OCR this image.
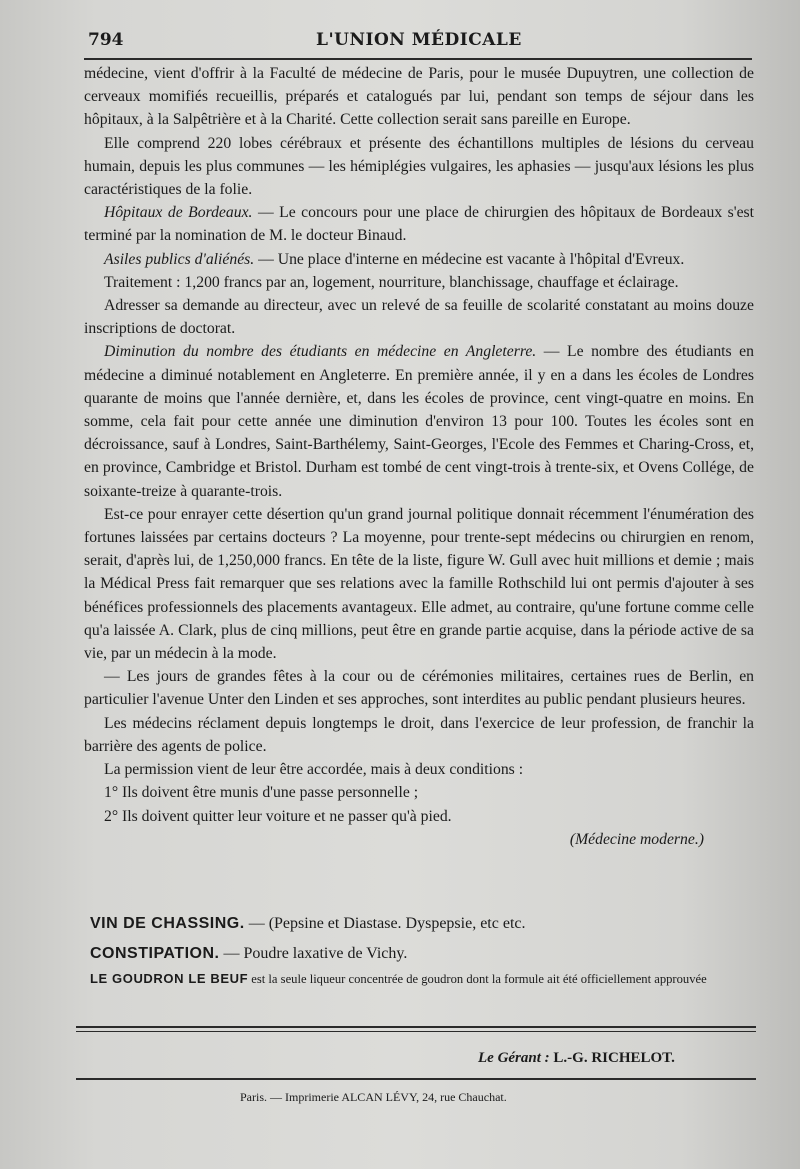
794	L'UNION MÉDICALE

médecine, vient d'offrir à la Faculté de médecine de Paris, pour le musée Dupuytren, une collection de cerveaux momifiés recueillis, préparés et catalogués par lui, pendant son temps de séjour dans les hôpitaux, à la Salpêtrière et à la Charité. Cette collection serait sans pareille en Europe.

Elle comprend 220 lobes cérébraux et présente des échantillons multiples de lésions du cerveau humain, depuis les plus communes — les hémiplégies vulgaires, les aphasies — jusqu'aux lésions les plus caractéristiques de la folie.

Hôpitaux de Bordeaux. — Le concours pour une place de chirurgien des hôpitaux de Bordeaux s'est terminé par la nomination de M. le docteur Binaud.

Asiles publics d'aliénés. — Une place d'interne en médecine est vacante à l'hôpital d'Evreux.

Traitement : 1,200 francs par an, logement, nourriture, blanchissage, chauffage et éclairage.

Adresser sa demande au directeur, avec un relevé de sa feuille de scolarité constatant au moins douze inscriptions de doctorat.

Diminution du nombre des étudiants en médecine en Angleterre. — Le nombre des étudiants en médecine a diminué notablement en Angleterre. En première année, il y en a dans les écoles de Londres quarante de moins que l'année dernière, et, dans les écoles de province, cent vingt-quatre en moins. En somme, cela fait pour cette année une diminution d'environ 13 pour 100. Toutes les écoles sont en décroissance, sauf à Londres, Saint-Barthélemy, Saint-Georges, l'Ecole des Femmes et Charing-Cross, et, en province, Cambridge et Bristol. Durham est tombé de cent vingt-trois à trente-six, et Ovens Collége, de soixante-treize à quarante-trois.

Est-ce pour enrayer cette désertion qu'un grand journal politique donnait récemment l'énumération des fortunes laissées par certains docteurs ? La moyenne, pour trente-sept médecins ou chirurgien en renom, serait, d'après lui, de 1,250,000 francs. En tête de la liste, figure W. Gull avec huit millions et demie ; mais la Médical Press fait remarquer que ses relations avec la famille Rothschild lui ont permis d'ajouter à ses bénéfices professionnels des placements avantageux. Elle admet, au contraire, qu'une fortune comme celle qu'a laissée A. Clark, plus de cinq millions, peut être en grande partie acquise, dans la période active de sa vie, par un médecin à la mode.

— Les jours de grandes fêtes à la cour ou de cérémonies militaires, certaines rues de Berlin, en particulier l'avenue Unter den Linden et ses approches, sont interdites au public pendant plusieurs heures.

Les médecins réclament depuis longtemps le droit, dans l'exercice de leur profession, de franchir la barrière des agents de police.

La permission vient de leur être accordée, mais à deux conditions :

1° Ils doivent être munis d'une passe personnelle ;

2° Ils doivent quitter leur voiture et ne passer qu'à pied.

(Médecine moderne.)

VIN DE CHASSING. — (Pepsine et Diastase. Dyspepsie, etc etc.
CONSTIPATION. — Poudre laxative de Vichy.
LE GOUDRON LE BEUF est la seule liqueur concentrée de goudron dont la formule ait été officiellement approuvée
Le Gérant : L.-G. RICHELOT.
Paris. — Imprimerie ALCAN LÉVY, 24, rue Chauchat.
